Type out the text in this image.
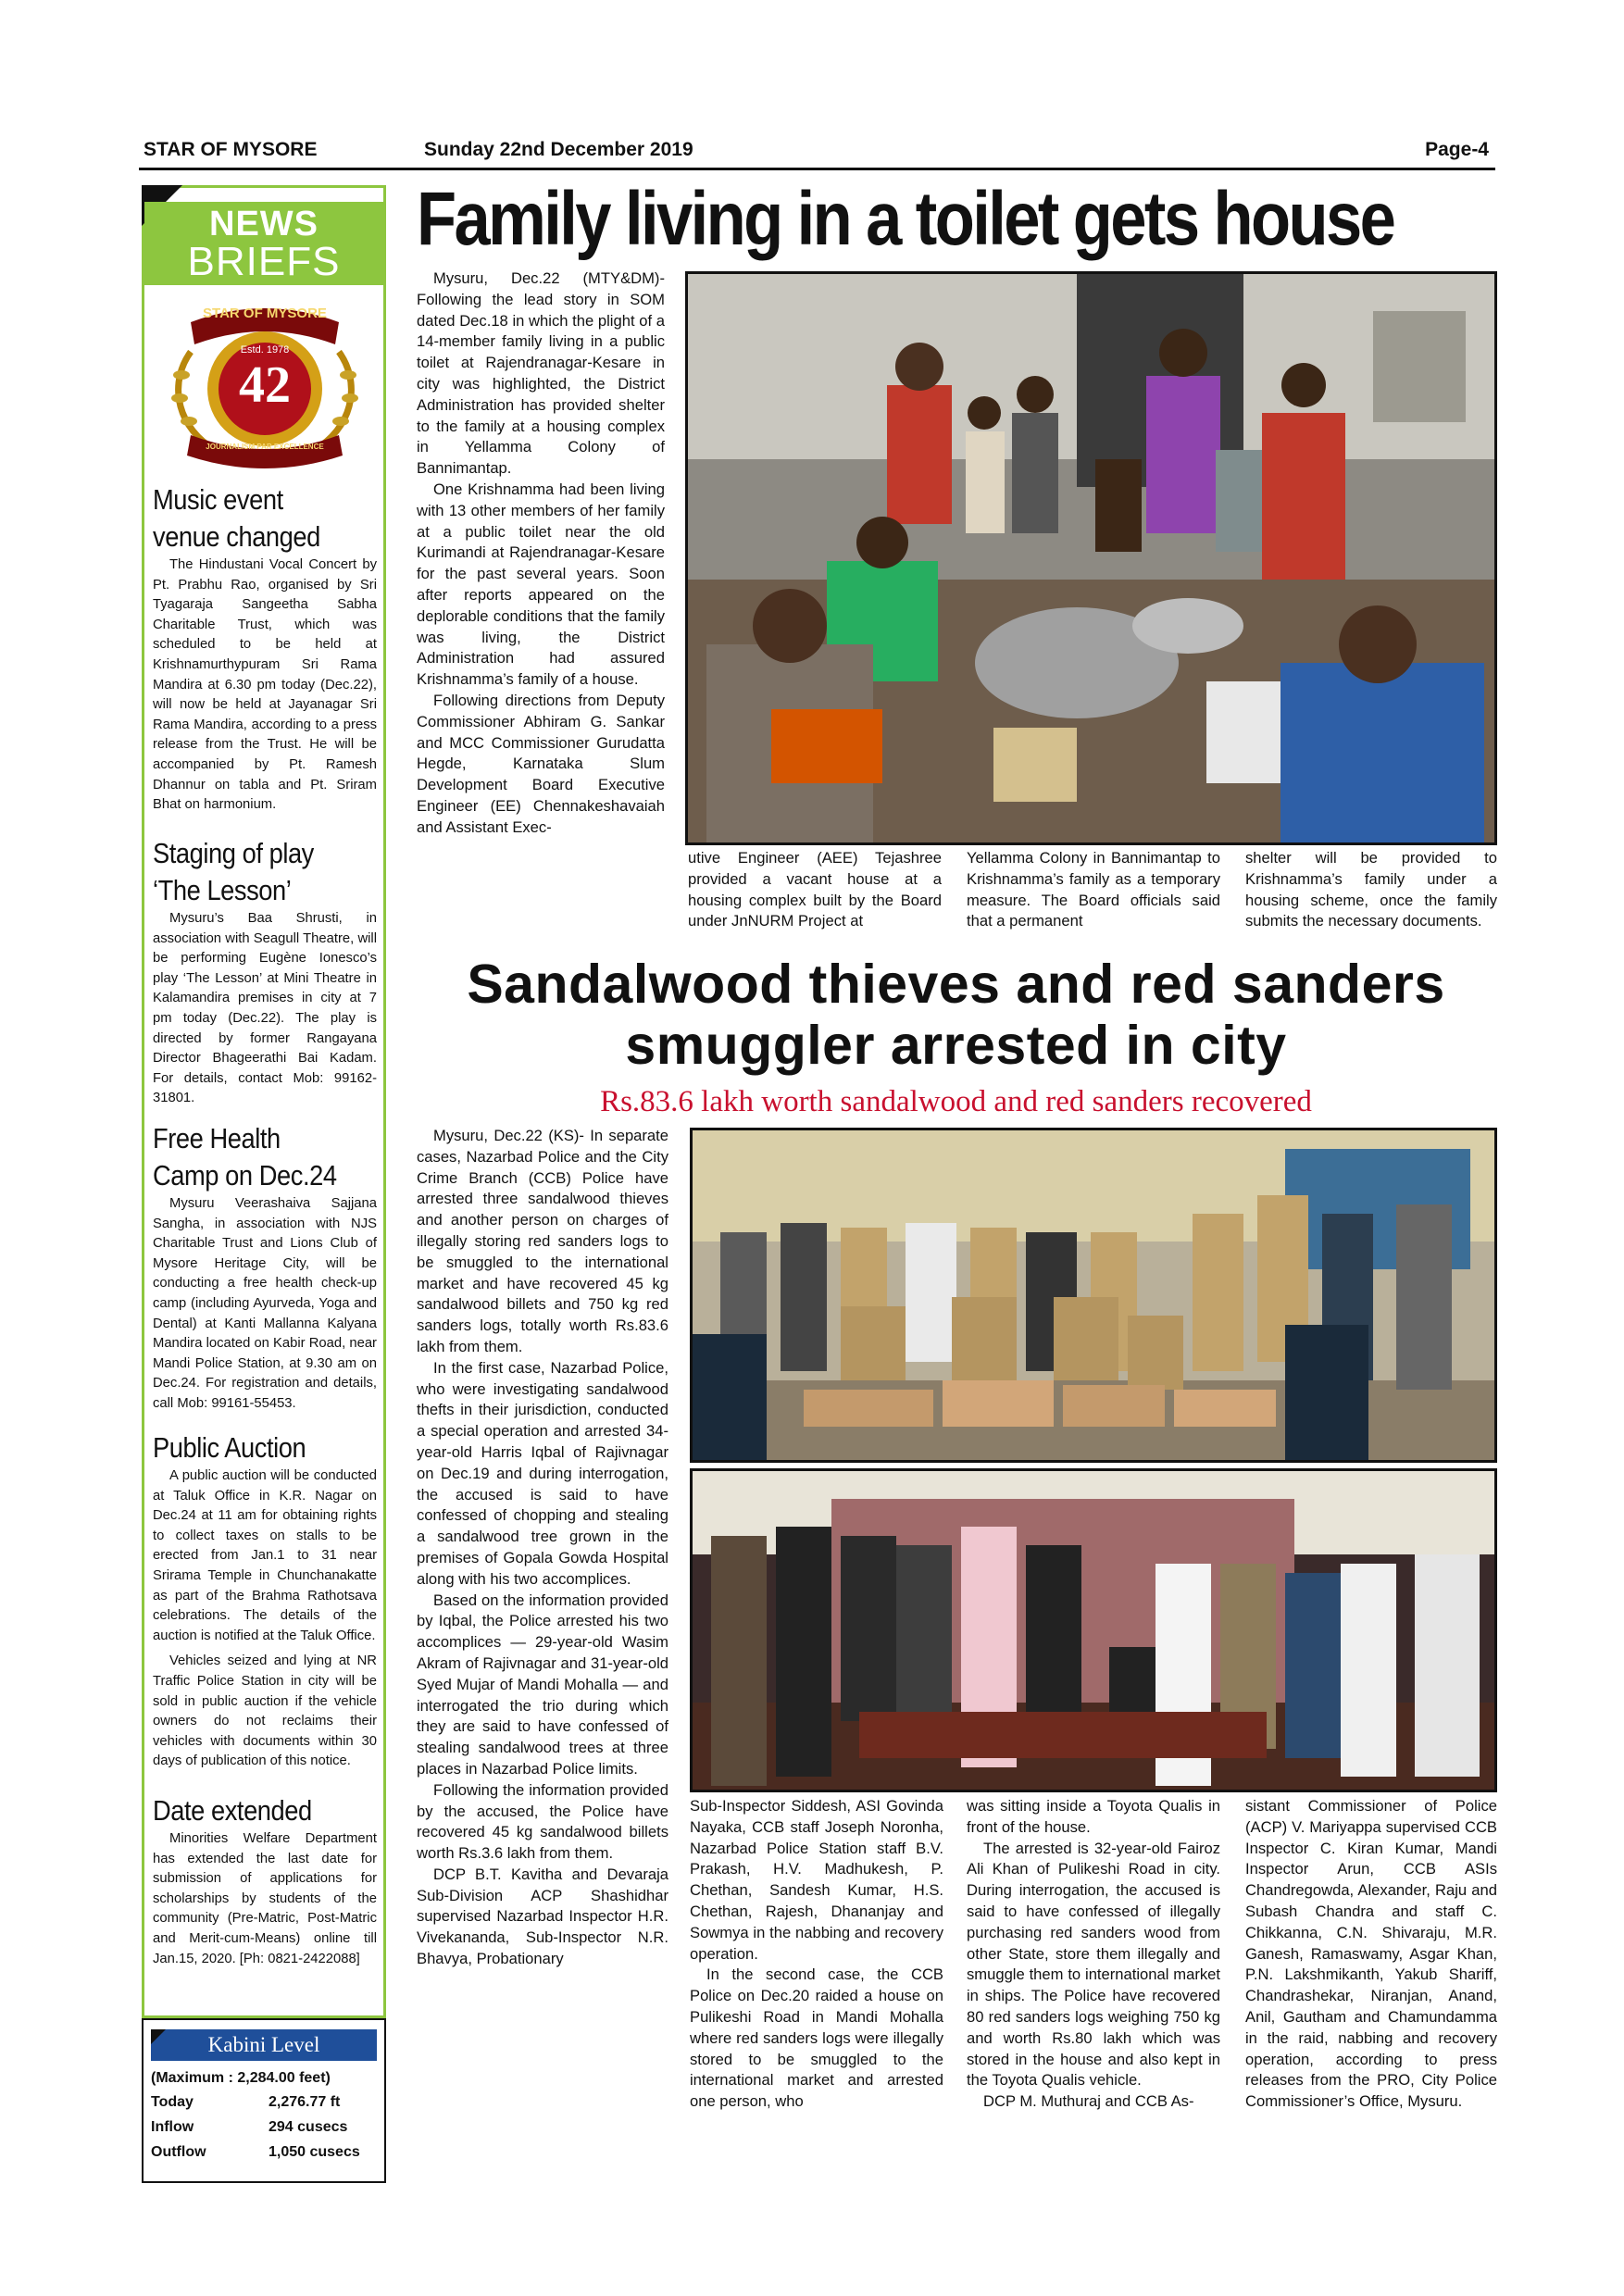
STAR OF MYSORE	Sunday 22nd December 2019	Page-4
NEWS
BRIEFS
STAR OF MYSORE
Estd. 1978
42
JOURNALISM PAR EXCELLENCE
Music event
venue changed

The Hindustani Vocal Concert by Pt. Prabhu Rao, organised by Sri Tyagaraja Sangeetha Sabha Charitable Trust, which was scheduled to be held at Krishnamurthypuram Sri Rama Mandira at 6.30 pm today (Dec.22), will now be held at Jayanagar Sri Rama Mandira, according to a press release from the Trust. He will be accompanied by Pt. Ramesh Dhannur on tabla and Pt. Sriram Bhat on harmonium.

Staging of play
‘The Lesson’

Mysuru’s Baa Shrusti, in association with Seagull Theatre, will be performing Eugène Ionesco’s play ‘The Lesson’ at Mini Theatre in Kalamandira premises in city at 7 pm today (Dec.22). The play is directed by former Rangayana Director Bhageerathi Bai Kadam. For details, contact Mob: 99162-31801.

Free Health
Camp on Dec.24

Mysuru Veerashaiva Sajjana Sangha, in association with NJS Charitable Trust and Lions Club of Mysore Heritage City, will be conducting a free health check-up camp (including Ayurveda, Yoga and Dental) at Kanti Mallanna Kalyana Mandira located on Kabir Road, near Mandi Police Station, at 9.30 am on Dec.24. For registration and details, call Mob: 99161-55453.

Public Auction

A public auction will be conducted at Taluk Office in K.R. Nagar on Dec.24 at 11 am for obtaining rights to collect taxes on stalls to be erected from Jan.1 to 31 near Srirama Temple in Chunchanakatte as part of the Brahma Rathotsava celebrations. The details of the auction is notified at the Taluk Office.

Vehicles seized and lying at NR Traffic Police Station in city will be sold in public auction if the vehicle owners do not reclaims their vehicles with documents within 30 days of publication of this notice.

Date extended

Minorities Welfare Department has extended the last date for submission of applications for scholarships by students of the community (Pre-Matric, Post-Matric and Merit-cum-Means) online till Jan.15, 2020. [Ph: 0821-2422088]

Kabini Level
(Maximum : 2,284.00 feet)
Today	2,276.77 ft
Inflow	294 cusecs
Outflow	1,050 cusecs
Family living in a toilet gets house

Mysuru, Dec.22 (MTY&DM)- Following the lead story in SOM dated Dec.18 in which the plight of a 14-member family living in a public toilet at Rajendranagar-Kesare in city was highlighted, the District Administration has provided shelter to the family at a housing complex in Yellamma Colony of Bannimantap.

One Krishnamma had been living with 13 other members of her family at a public toilet near the old Kurimandi at Rajendranagar-Kesare for the past several years. Soon after reports appeared on the deplorable conditions that the family was living, the District Administration had assured Krishnamma’s family of a house.

Following directions from Deputy Commissioner Abhiram G. Sankar and MCC Commissioner Gurudatta Hegde, Karnataka Slum Development Board Executive Engineer (EE) Chennakeshavaiah and Assistant Exec-

utive Engineer (AEE) Tejashree provided a vacant house at a housing complex built by the Board under JnNURM Project at

Yellamma Colony in Bannimantap to Krishnamma’s family as a temporary measure. The Board officials said that a permanent

shelter will be provided to Krishnamma’s family under a housing scheme, once the family submits the necessary documents.

Sandalwood thieves and red sanders
smuggler arrested in city
Rs.83.6 lakh worth sandalwood and red sanders recovered

Mysuru, Dec.22 (KS)- In separate cases, Nazarbad Police and the City Crime Branch (CCB) Police have arrested three sandalwood thieves and another person on charges of illegally storing red sanders logs to be smuggled to the international market and have recovered 45 kg sandalwood billets and 750 kg red sanders logs, totally worth Rs.83.6 lakh from them.

In the first case, Nazarbad Police, who were investigating sandalwood thefts in their jurisdiction, conducted a special operation and arrested 34-year-old Harris Iqbal of Rajivnagar on Dec.19 and during interrogation, the accused is said to have confessed of chopping and stealing a sandalwood tree grown in the premises of Gopala Gowda Hospital along with his two accomplices.

Based on the information provided by Iqbal, the Police arrested his two accomplices — 29-year-old Wasim Akram of Rajivnagar and 31-year-old Syed Mujar of Mandi Mohalla — and interrogated the trio during which they are said to have confessed of stealing sandalwood trees at three places in Nazarbad Police limits.

Following the information provided by the accused, the Police have recovered 45 kg sandalwood billets worth Rs.3.6 lakh from them.

DCP B.T. Kavitha and Devaraja Sub-Division ACP Shashidhar supervised Nazarbad Inspector H.R. Vivekananda, Sub-Inspector N.R. Bhavya, Probationary

Sub-Inspector Siddesh, ASI Govinda Nayaka, CCB staff Joseph Noronha, Nazarbad Police Station staff B.V. Prakash, H.V. Madhukesh, P. Chethan, Sandesh Kumar, H.S. Chethan, Rajesh, Dhananjay and Sowmya in the nabbing and recovery operation.

In the second case, the CCB Police on Dec.20 raided a house on Pulikeshi Road in Mandi Mohalla where red sanders logs were illegally stored to be smuggled to the international market and arrested one person, who

was sitting inside a Toyota Qualis in front of the house.

The arrested is 32-year-old Fairoz Ali Khan of Pulikeshi Road in city. During interrogation, the accused is said to have confessed of illegally purchasing red sanders wood from other State, store them illegally and smuggle them to international market in ships. The Police have recovered 80 red sanders logs weighing 750 kg and worth Rs.80 lakh which was stored in the house and also kept in the Toyota Qualis vehicle.

DCP M. Muthuraj and CCB As-

sistant Commissioner of Police (ACP) V. Mariyappa supervised CCB Inspector C. Kiran Kumar, Mandi Inspector Arun, CCB ASIs Chandregowda, Alexander, Raju and Subash Chandra and staff C. Chikkanna, C.N. Shivaraju, M.R. Ganesh, Ramaswamy, Asgar Khan, P.N. Lakshmikanth, Yakub Shariff, Chandrashekar, Niranjan, Anand, Anil, Gautham and Chamundamma in the raid, nabbing and recovery operation, according to press releases from the PRO, City Police Commissioner’s Office, Mysuru.
